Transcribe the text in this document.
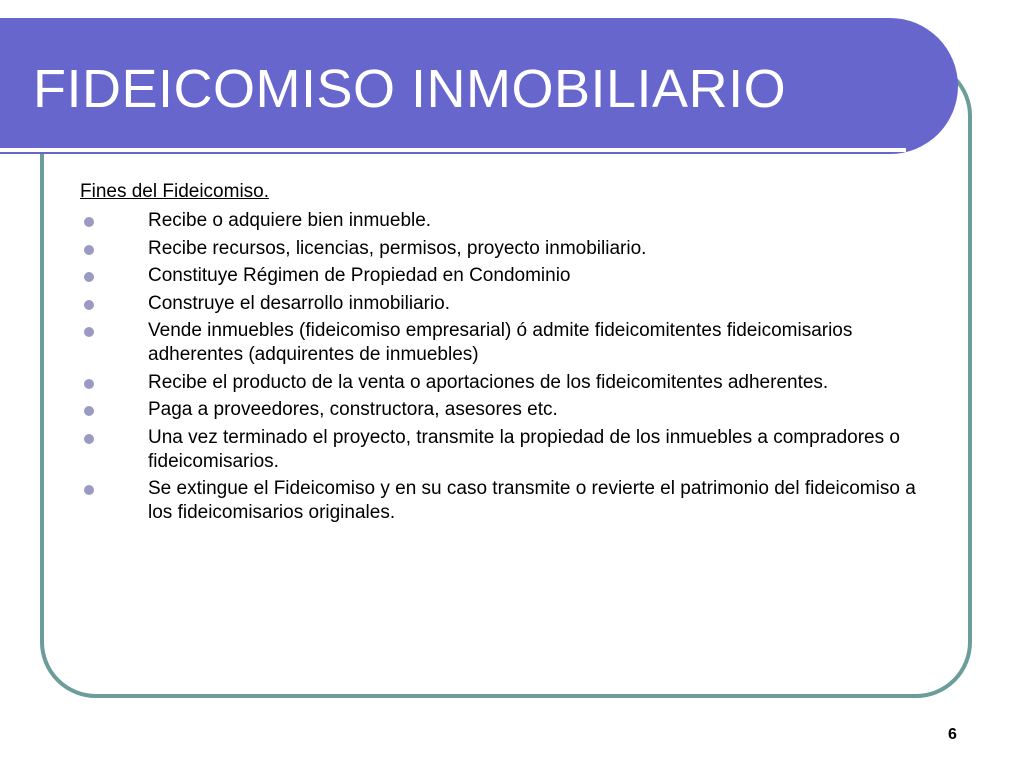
FIDEICOMISO INMOBILIARIO
Fines del Fideicomiso.
Recibe o adquiere bien inmueble.
Recibe recursos, licencias, permisos, proyecto inmobiliario.
Constituye Régimen de Propiedad en Condominio
Construye el desarrollo inmobiliario.
Vende inmuebles (fideicomiso empresarial) ó admite fideicomitentes fideicomisarios adherentes (adquirentes de inmuebles)
Recibe el producto de la venta o aportaciones de los fideicomitentes adherentes.
Paga a proveedores, constructora, asesores etc.
Una vez terminado el proyecto, transmite la propiedad de los inmuebles a compradores o fideicomisarios.
Se extingue el Fideicomiso y en su caso transmite o revierte el patrimonio del fideicomiso a los fideicomisarios originales.
6
